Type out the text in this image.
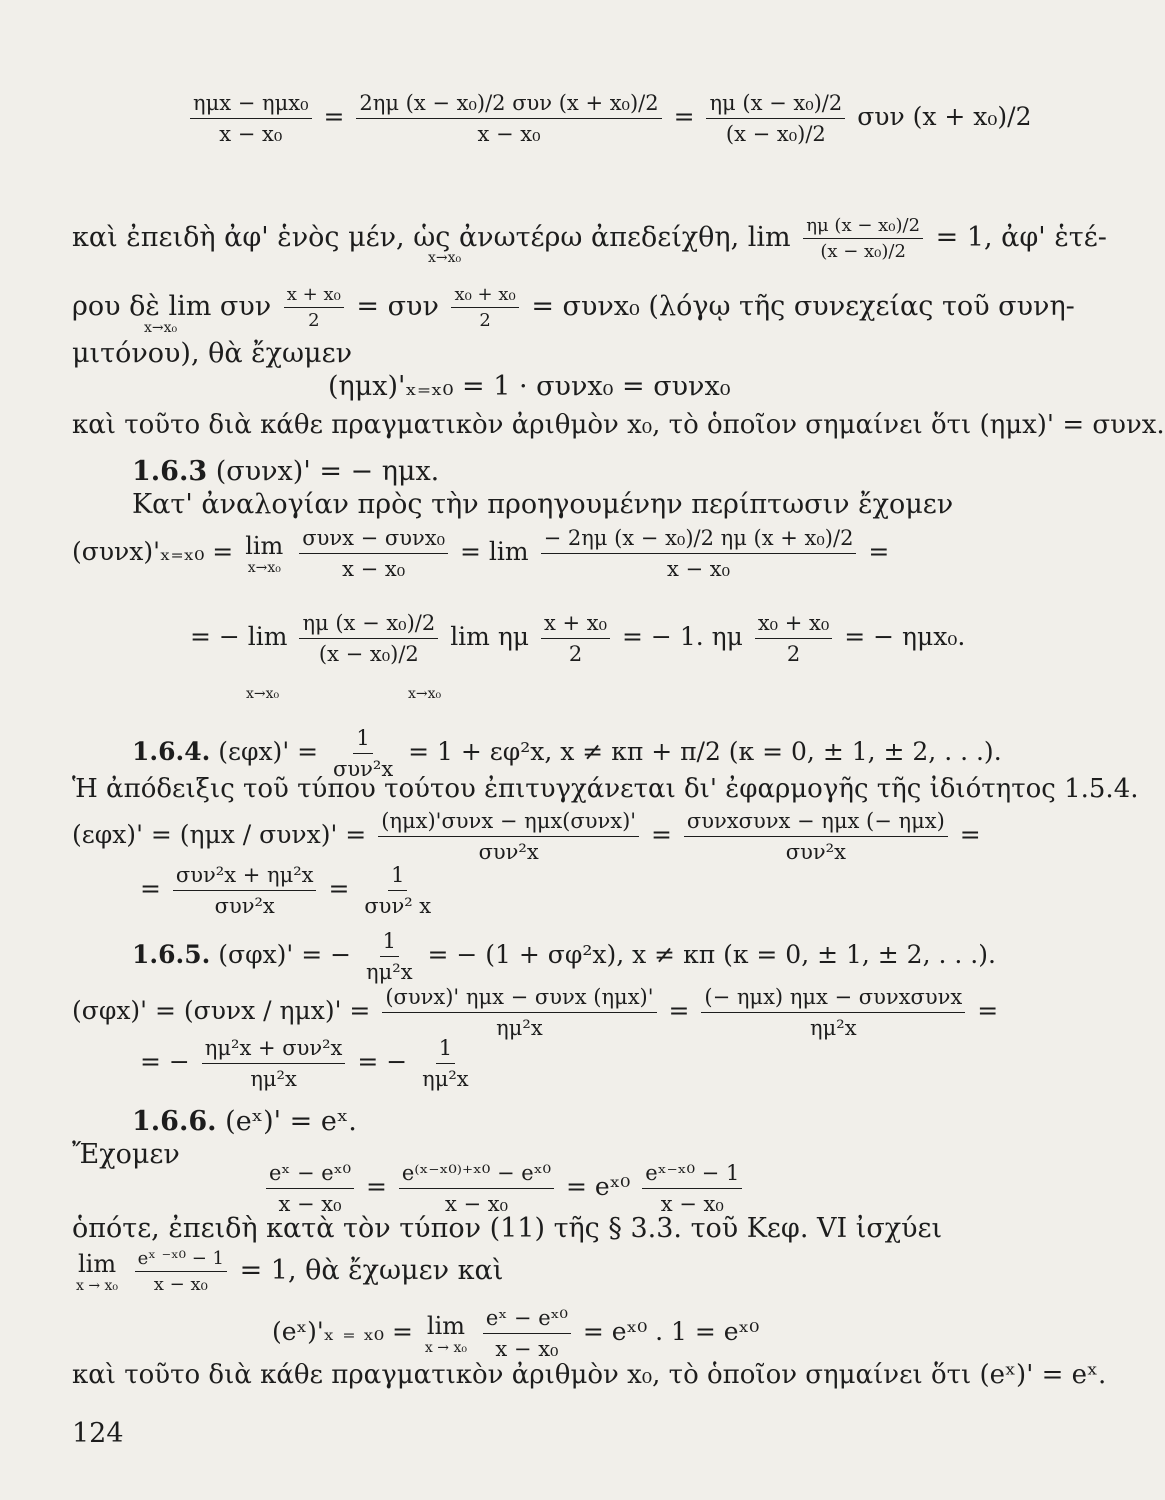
$\frac{\text{ημx − ημx₀}}{\text{x − x₀}} = \frac{\text{2ημ (x − x₀)/2 συν (x + x₀)/2}}{\text{x − x₀}} = \frac{\text{ημ (x − x₀)/2}}{\text{(x − x₀)/2}}$ συν (x + x₀)/2
καὶ ἐπειδὴ ἀφ' ἑνὸς μέν, ὡς ἀνωτέρω ἀπεδείχθη, $\lim \frac{\text{ημ (x − x₀)/2}}{\text{(x − x₀)/2}} = 1$, ἀφ' ἑτέ-
x→x₀
ρου δὲ lim συν $\frac{\text{x + x₀}}{2} = \sigma\upsilon\nu \frac{\text{x₀ + x₀}}{2} = \sigma\upsilon\nu x_0$ (λόγῳ τῆς συνεχείας τοῦ συνη-
x→x₀
μιτόνου), θὰ ἔχωμεν
(ημx)'ₓ₌ₓ₀ = 1 · συνx₀ = συνx₀
καὶ τοῦτο διὰ κάθε πραγματικὸν ἀριθμὸν x₀, τὸ ὁποῖον σημαίνει ὅτι (ημx)' = συνx.
1.6.3 (συνx)' = − ημx.
Κατ' ἀναλογίαν πρὸς τὴν προηγουμένην περίπτωσιν ἔχομεν
(συνx)'ₓ₌ₓ₀ = lim
x→x₀
$\frac{\text{συνx − συνx₀}}{\text{x − x₀}} = \lim \frac{\text{− 2ημ (x − x₀)/2 ημ (x + x₀)/2}}{\text{x − x₀}}$ =
= − $\lim \frac{\text{ημ (x − x₀)/2}}{\text{(x − x₀)/2}}$ lim ημ $\frac{\text{x + x₀}}{2}$ = − 1. ημ $\frac{\text{x₀ + x₀}}{2}$ = − ημx₀.
x→x₀	x→x₀
1.6.4. $(\varepsilon\varphi x)' = \frac{1}{\text{συν²x}} = 1 + \varepsilon\varphi^2x$, x ≠ κπ + π/2 (κ = 0, ± 1, ± 2, . . .).
Ἡ ἀπόδειξις τοῦ τύπου τούτου ἐπιτυγχάνεται δι' ἐφαρμογῆς τῆς ἰδιότητος 1.5.4.
$(\varepsilon\varphi x)' = (\eta\mu x / \sigma\upsilon\nu x)' = \frac{\text{(ημx)'συνx − ημx(συνx)'}}{\text{συν²x}} = \frac{\text{συνxσυνx − ημx (− ημx)}}{\text{συν²x}}$ =
= $\frac{\text{συν²x + ημ²x}}{\text{συν²x}} = \frac{1}{\text{συν² x}}$
1.6.5. (σφx)' = − $\frac{1}{\text{ημ²x}}$ = − (1 + σφ²x), x ≠ κπ (κ = 0, ± 1, ± 2, . . .).
$(\sigma\varphi x)' = (\sigma\upsilon\nu x / \eta\mu x)' = \frac{\text{(συνx)' ημx − συνx (ημx)'}}{\text{ημ²x}} = \frac{\text{(− ημx) ημx − συνxσυνx}}{\text{ημ²x}}$ =
= − $\frac{\text{ημ²x + συν²x}}{\text{ημ²x}}$ = − $\frac{1}{\text{ημ²x}}$
1.6.6. (eˣ)' = eˣ.
Ἔχομεν
$\frac{\text{eˣ − eˣ⁰}}{\text{x − x₀}} = \frac{\text{e⁽ˣ⁻ˣ⁰⁾⁺ˣ⁰ − eˣ⁰}}{\text{x − x₀}}$ = eˣ⁰ $\frac{\text{eˣ⁻ˣ⁰ − 1}}{\text{x − x₀}}$
ὁπότε, ἐπειδὴ κατὰ τὸν τύπον (11) τῆς § 3.3. τοῦ Κεφ. VI ἰσχύει
lim
x → x₀
$\frac{\text{eˣ ⁻ˣ⁰ − 1}}{\text{x − x₀}} = 1$, θὰ ἔχωμεν καὶ
(eˣ)'ₓ ₌ ₓ₀ = lim
x → x₀
$\frac{\text{eˣ − eˣ⁰}}{\text{x − x₀}}$ = eˣ⁰ . 1 = eˣ⁰
καὶ τοῦτο διὰ κάθε πραγματικὸν ἀριθμὸν x₀, τὸ ὁποῖον σημαίνει ὅτι (eˣ)' = eˣ.
124
